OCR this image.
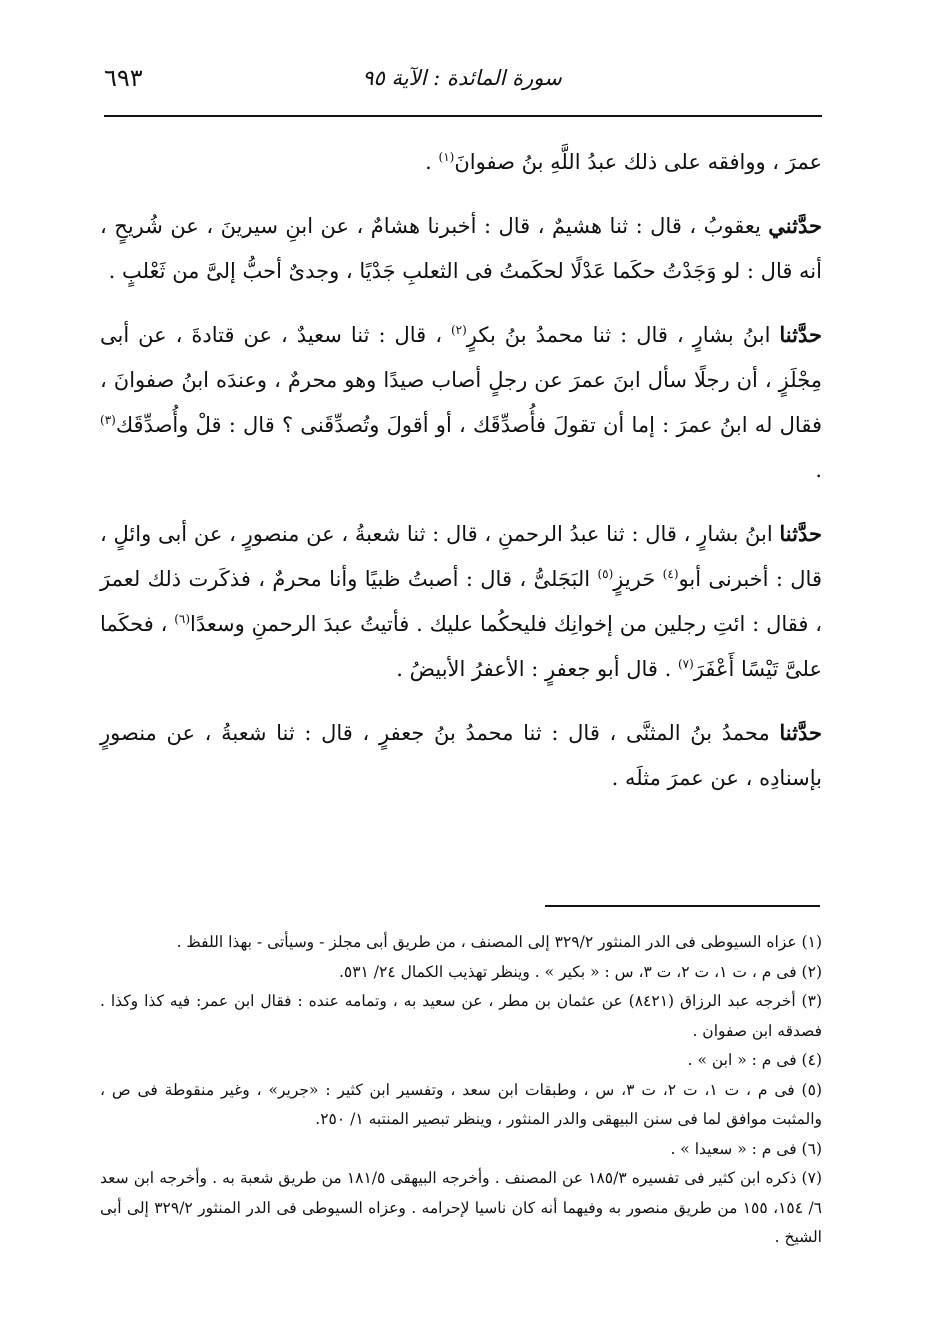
سورة المائدة : الآية ٩٥
٦٩٣

عمرَ ، ووافقه على ذلك عبدُ اللَّهِ بنُ صفوانَ$^{(١)}$ .

حدَّثني يعقوبُ ، قال : ثنا هشيمٌ ، قال : أخبرنا هشامٌ ، عن ابنِ سيرينَ ، عن شُريحٍ ، أنه قال : لو وَجَدْتُ حكَما عَدْلًا لحكَمتُ فى الثعلبِ جَدْيًا ، وجدىٌ أحبُّ إلىَّ من ثَعْلبٍ .

حدَّثنا ابنُ بشارٍ ، قال : ثنا محمدُ بنُ بكرٍ$^{(٢)}$ ، قال : ثنا سعيدٌ ، عن قتادةَ ، عن أبى مِجْلَزٍ ، أن رجلًا سأل ابنَ عمرَ عن رجلٍ أصاب صيدًا وهو محرمٌ ، وعندَه ابنُ صفوانَ ، فقال له ابنُ عمرَ : إما أن تقولَ فأُصدِّقَك ، أو أقولَ وتُصدِّقَنى ؟ قال : قلْ وأُصدِّقَك$^{(٣)}$ .

حدَّثنا ابنُ بشارٍ ، قال : ثنا عبدُ الرحمنِ ، قال : ثنا شعبةُ ، عن منصورٍ ، عن أبى وائلٍ ، قال : أخبرنى أبو$^{(٤)}$ حَريزٍ$^{(٥)}$ البَجَلىُّ ، قال : أصبتُ ظبيًا وأنا محرمٌ ، فذكَرت ذلك لعمرَ ، فقال : ائتِ رجلين من إخوانِك فليحكُما عليك . فأتيتُ عبدَ الرحمنِ وسعدًا$^{(٦)}$ ، فحكَما علىَّ تَيْسًا أَعْفَرَ$^{(٧)}$ . قال أبو جعفرٍ : الأعفرُ الأبيضُ .

حدَّثنا محمدُ بنُ المثنَّى ، قال : ثنا محمدُ بنُ جعفرٍ ، قال : ثنا شعبةُ ، عن منصورٍ بإسنادِه ، عن عمرَ مثلَه .

(١) عزاه السيوطى فى الدر المنثور ٣٢٩/٢ إلى المصنف ، من طريق أبى مجلز - وسيأتى - بهذا اللفظ .

(٢) فى م ، ت ١، ت ٢، ت ٣، س : « بكير » . وينظر تهذيب الكمال ٢٤/ ٥٣١.

(٣) أخرجه عبد الرزاق (٨٤٢١) عن عثمان بن مطر ، عن سعيد به ، وتمامه عنده : فقال ابن عمر: فيه كذا وكذا . فصدقه ابن صفوان .

(٤) فى م : « ابن » .

(٥) فى م ، ت ١، ت ٢، ت ٣، س ، وطبقات ابن سعد ، وتفسير ابن كثير : «جرير» ، وغير منقوطة فى ص ، والمثبت موافق لما فى سنن البيهقى والدر المنثور ، وينظر تبصير المنتبه ١/ ٢٥٠.

(٦) فى م : « سعيدا » .

(٧) ذكره ابن كثير فى تفسيره ١٨٥/٣ عن المصنف . وأخرجه البيهقى ١٨١/٥ من طريق شعبة به . وأخرجه ابن سعد ٦/ ١٥٤، ١٥٥ من طريق منصور به وفيهما أنه كان ناسيا لإحرامه . وعزاه السيوطى فى الدر المنثور ٣٢٩/٢ إلى أبى الشيخ .
